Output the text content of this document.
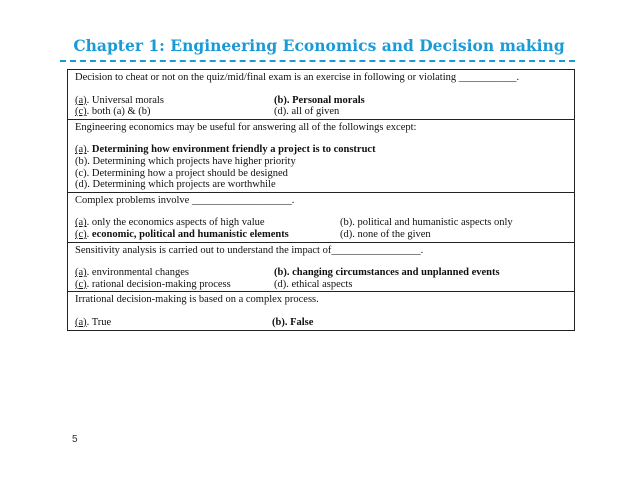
Chapter 1: Engineering Economics and Decision making
Decision to cheat or not on the quiz/mid/final exam is an exercise in following or violating ___________.
(a). Universal morals	(b). Personal morals
(c). both (a) & (b)	(d). all of given
Engineering economics may be useful for answering all of the followings except:
(a). Determining how environment friendly a project is to construct
(b). Determining which projects have higher priority
(c). Determining how a project should be designed
(d). Determining which projects are worthwhile
Complex problems involve ___________________.
(a). only the economics aspects of high value	(b). political and humanistic aspects only
(c). economic, political and humanistic elements	(d). none of the given
Sensitivity analysis is carried out to understand the impact of_________________.
(a). environmental changes	(b). changing circumstances and unplanned events
(c). rational decision-making process	(d). ethical aspects
Irrational decision-making is based on a complex process.
(a). True	(b). False
5
